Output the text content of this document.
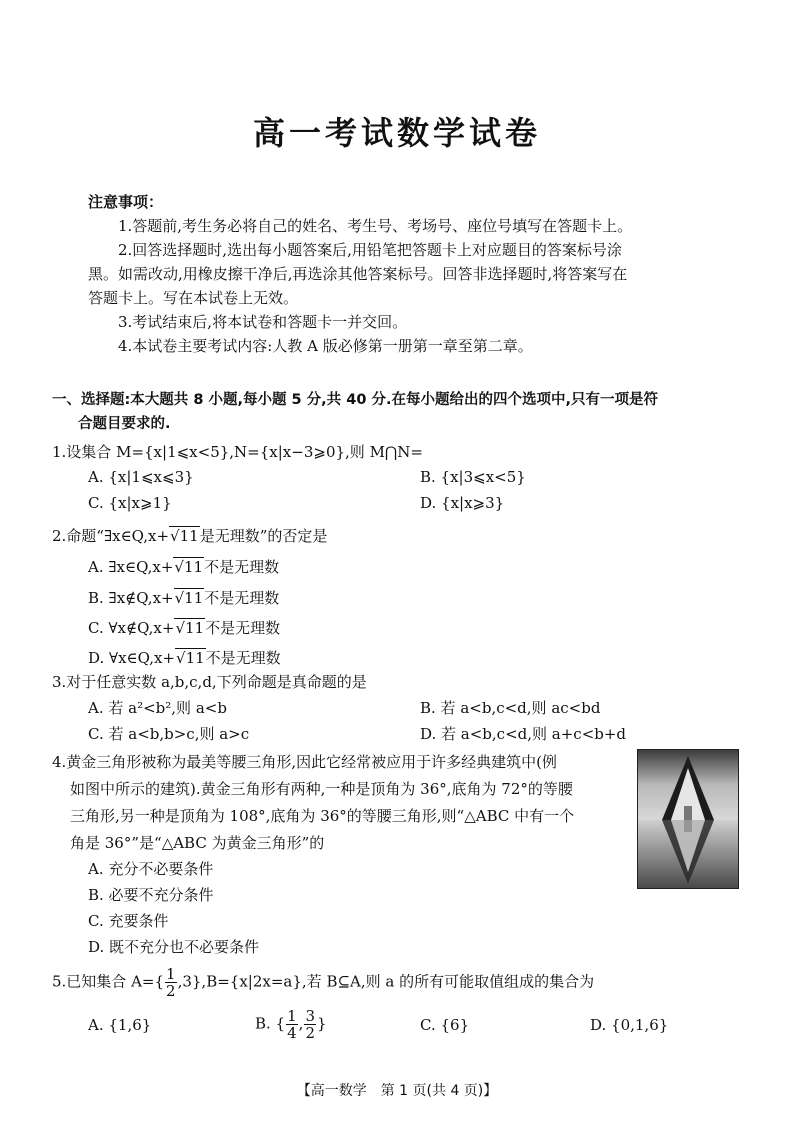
高一考试数学试卷

注意事项：

1.答题前,考生务必将自己的姓名、考生号、考场号、座位号填写在答题卡上。

2.回答选择题时,选出每小题答案后,用铅笔把答题卡上对应题目的答案标号涂

黑。如需改动,用橡皮擦干净后,再选涂其他答案标号。回答非选择题时,将答案写在

答题卡上。写在本试卷上无效。

3.考试结束后,将本试卷和答题卡一并交回。

4.本试卷主要考试内容:人教 A 版必修第一册第一章至第二章。

一、选择题:本大题共 8 小题,每小题 5 分,共 40 分.在每小题给出的四个选项中,只有一项是符
合题目要求的.
1.设集合 M={x|1⩽x<5},N={x|x−3⩾0},则 M⋂N=
A. {x|1⩽x⩽3}	B. {x|3⩽x<5}
C. {x|x⩾1}	D. {x|x⩾3}
2.命题“∃x∈Q,x+√11是无理数”的否定是
A. ∃x∈Q,x+√11不是无理数
B. ∃x∉Q,x+√11不是无理数
C. ∀x∉Q,x+√11不是无理数
D. ∀x∈Q,x+√11不是无理数
3.对于任意实数 a,b,c,d,下列命题是真命题的是
A. 若 a²<b²,则 a<b	B. 若 a<b,c<d,则 ac<bd
C. 若 a<b,b>c,则 a>c	D. 若 a<b,c<d,则 a+c<b+d
4.黄金三角形被称为最美等腰三角形,因此它经常被应用于许多经典建筑中(例
如图中所示的建筑).黄金三角形有两种,一种是顶角为 36°,底角为 72°的等腰
三角形,另一种是顶角为 108°,底角为 36°的等腰三角形,则“△ABC 中有一个
角是 36°”是“△ABC 为黄金三角形”的
A. 充分不必要条件
B. 必要不充分条件
C. 充要条件
D. 既不充分也不必要条件
5.已知集合 $A=\{ \frac{1}{2} ,3\},B=\{x|2x=a\}$,若 B⊆A,则 a 的所有可能取值组成的集合为
A. {1,6}	B. { $\frac{1}{4}$ , $\frac{3}{2}$ }	C. {6}	D. {0,1,6}
【高一数学　第 1 页(共 4 页)】
